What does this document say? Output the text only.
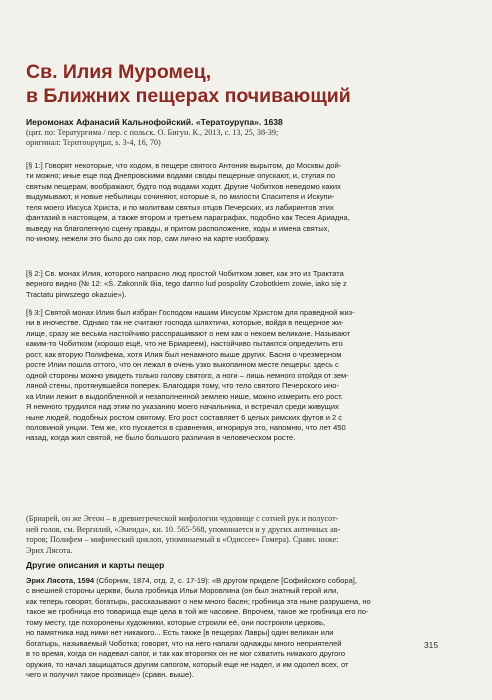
Св. Илия Муромец,
в Ближних пещерах почивающий
Иеромонах Афанасий Кальнофойский. «Тератоурүпа». 1638
(цит. по: Тератургима / пер. с польск. О. Бигун. К., 2013, с. 13, 25, 38-39;
оригинал: Τερατουργημα, s. 3-4, 16, 70)
[§ 1:] Говорят некоторые, что ходом, в пещере святого Антония вырытом, до Москвы дой-
ти можно; иные еще под Днепровскими водами своды пещерные опускают, и, ступая по
святым пещерам, воображают, будто под водами ходят. Другие Чобитков неведомо каких
выдумывают, и новые небылицы сочиняют, которые я, по милости Спасителя и Искупи-
теля моего Иисуса Христа, и по молитвам святых отцов Печерских, из лабиринтов этих
фантазий в настоящем, а также втором и третьем параграфах, подобно как Тесея Ариадна,
выведу на благолепную сцену правды, и притом расположение, ходы и имена святых,
по-иному, нежели это было до сих пор, сам лично на карте изображу.
[§ 2:] Св. монах Илия, которого напрасно люд простой Чобитком зовет, как это из Трактата
верного видно (№ 12: «Ś. Zakonnik Iliia, tego darmo lud pospolity Czobotkiem zowie, iako się z
Tractatu pirwszego okazuie»).
[§ 3:] Святой монах Илия был избран Господом нашим Иисусом Христом для праведной жиз-
ни в иночестве. Однако так не считают господа шляхтичи, которые, войдя в пещерное жи-
лище, сразу же весьма настойчиво расспрашивают о нем как о некоем великане. Называют
каким-то Чобитком (хорошо ещё, что не Бриареем), настойчиво пытаются определить его
рост, как вторую Полифема, хотя Илия был ненамного выше других. Басня о чрезмерном
росте Илии пошла оттого, что он лежал в очень узко выкопанном месте пещеры: здесь с
одной стороны можно увидеть только голову святого, а ноги – лишь немного отойдя от зем-
ляной стены, протянувшейся поперек. Благодаря тому, что тело святого Печерского ино-
ка Илии лежит в выдолбленной и незаполненной землею нише, можно измерить его рост.
Я немного трудился над этим по указанию моего начальника, и встречал среди живущих
ныне людей, подобных ростом святому. Его рост составляет 6 целых римских футов и 2 с
половиной унции. Тем же, кто пускается в сравнения, игнорируя это, напомню, что лет 450
назад, когда жил святой, не было большого различия в человеческом росте.
(Бриарей, он же Эгеон – в древнегреческой мифологии чудовище с сотней рук и полусот-
ней голов, см. Вергилий, «Энеида», кн. 10. 565-568, упоминается и у других античных ав-
торов; Полифем – мифический циклоп, упоминаемый в «Одиссее» Гомера). Сравн. ниже:
Эрих Лясота.
Другие описания и карты пещер
Эрих Лясота, 1594 (Сборник, 1874, отд. 2, с. 17-19): «В другом приделе [Софийского собора],
с внешней стороны церкви, была гробница Ильи Моровлина (он был знатный герой или,
как теперь говорят, богатырь, рассказывают о нем много басен; гробница эта ныне разрушена, но
такое же гробница его товарища еще цела в той же часовне. Впрочем, такое же гробница его по-
тому месту, где похоронены художники, которые строили её, они построили церковь,
но памятника над ними нет никакого... Есть также [в пещерах Лавры] один великан или
богатырь, называемый Чоботка; говорят, что на него напали однажды много неприятелей
в то время, когда он надевал сапог, и так как второпях он не мог схватить никакого другого
оружия, то начал защищаться другим сапогом, который еще не надел, и им одолел всех, от
чего и получил такое прозвище» (сравн. выше).
315
